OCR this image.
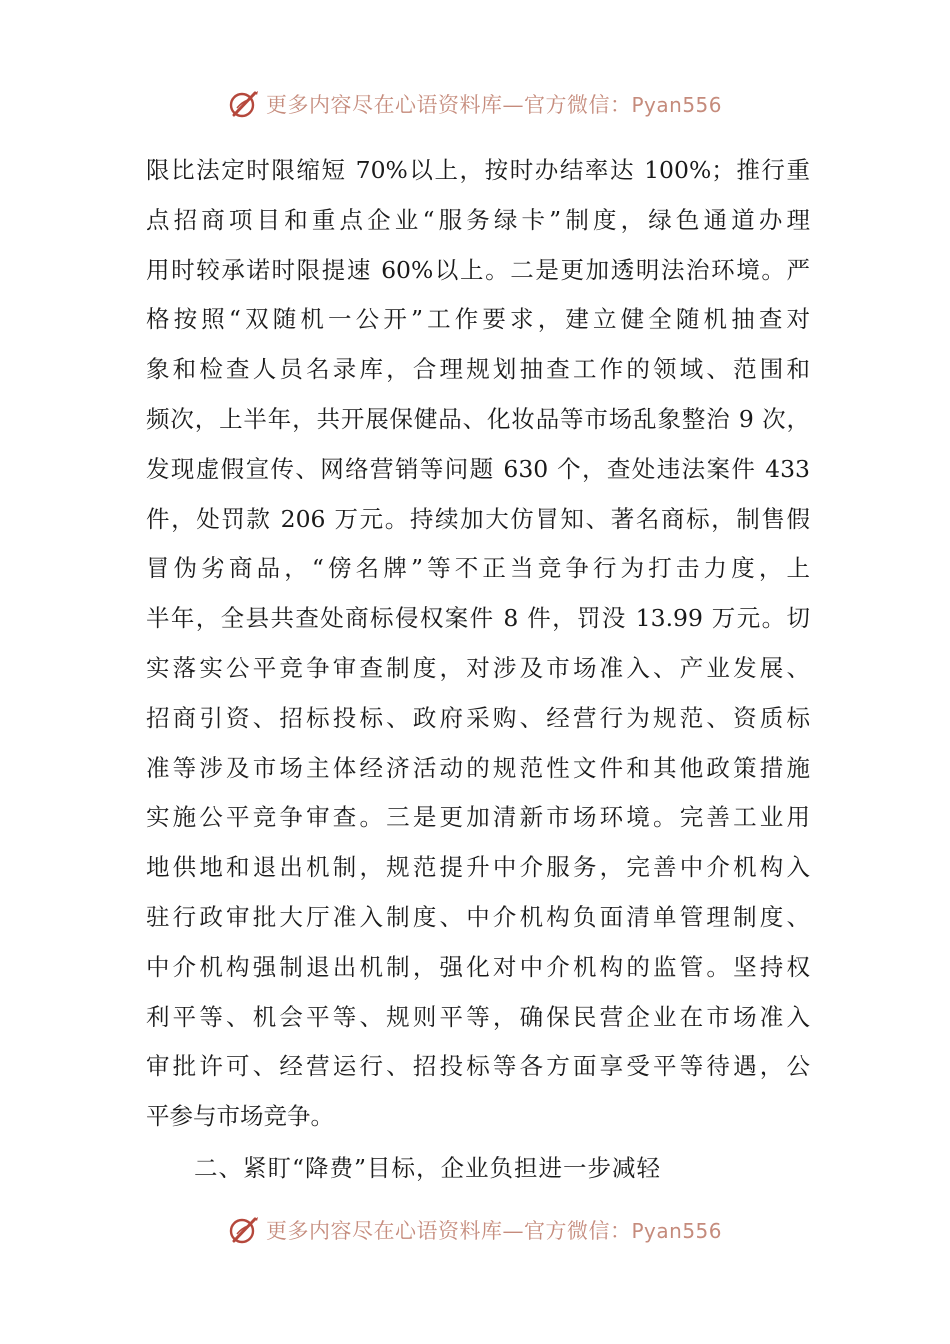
更多内容尽在心语资料库—官方微信：Pyan556
限比法定时限缩短 70%以上，按时办结率达 100%；推行重
点招商项目和重点企业“服务绿卡”制度，绿色通道办理
用时较承诺时限提速 60%以上。二是更加透明法治环境。严
格按照“双随机一公开”工作要求，建立健全随机抽查对
象和检查人员名录库，合理规划抽查工作的领域、范围和
频次，上半年，共开展保健品、化妆品等市场乱象整治 9 次，
发现虚假宣传、网络营销等问题 630 个，查处违法案件 433
件，处罚款 206 万元。持续加大仿冒知、著名商标，制售假
冒伪劣商品，“傍名牌”等不正当竞争行为打击力度，上
半年，全县共查处商标侵权案件 8 件，罚没 13.99 万元。切
实落实公平竞争审查制度，对涉及市场准入、产业发展、
招商引资、招标投标、政府采购、经营行为规范、资质标
准等涉及市场主体经济活动的规范性文件和其他政策措施
实施公平竞争审查。三是更加清新市场环境。完善工业用
地供地和退出机制，规范提升中介服务，完善中介机构入
驻行政审批大厅准入制度、中介机构负面清单管理制度、
中介机构强制退出机制，强化对中介机构的监管。坚持权
利平等、机会平等、规则平等，确保民营企业在市场准入
审批许可、经营运行、招投标等各方面享受平等待遇，公
平参与市场竞争。
二、紧盯“降费”目标，企业负担进一步减轻
更多内容尽在心语资料库—官方微信：Pyan556
